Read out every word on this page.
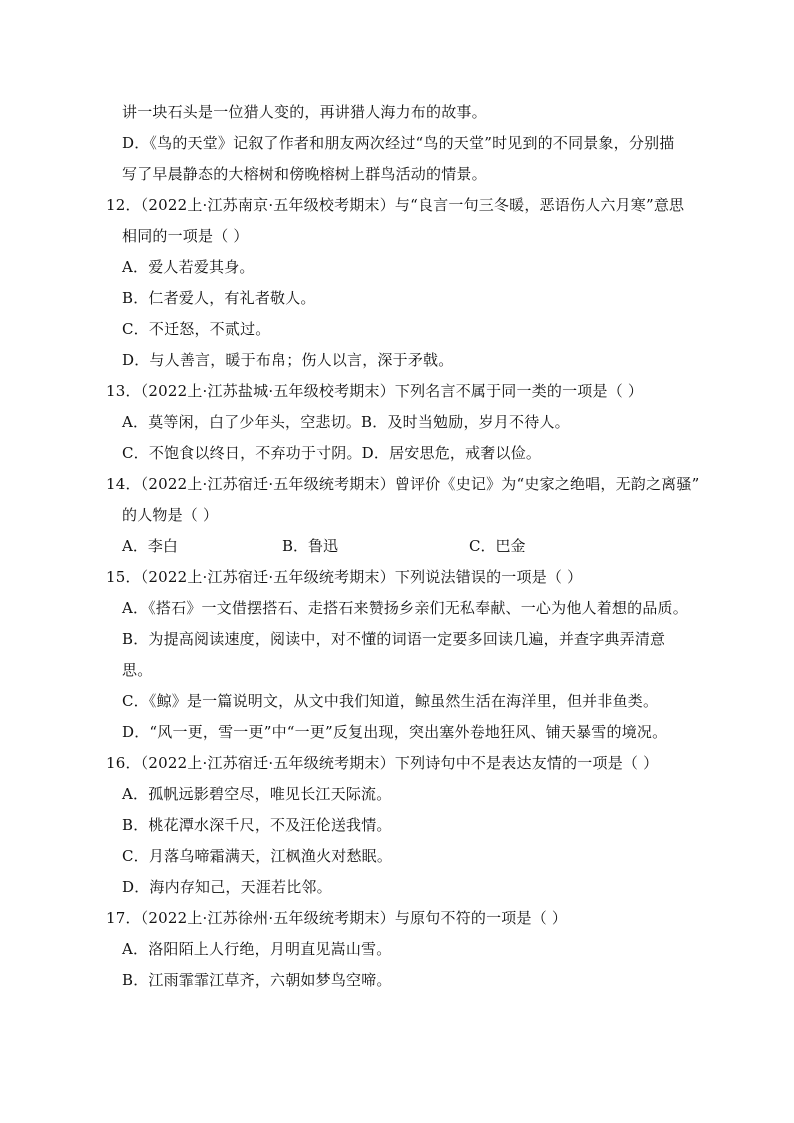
讲一块石头是一位猎人变的，再讲猎人海力布的故事。
D．《鸟的天堂》记叙了作者和朋友两次经过“鸟的天堂”时见到的不同景象，分别描
写了早晨静态的大榕树和傍晚榕树上群鸟活动的情景。
12．（2022上·江苏南京·五年级校考期末）与“良言一句三冬暖，恶语伤人六月寒”意思
相同的一项是（ ）
A．爱人若爱其身。
B．仁者爱人，有礼者敬人。
C．不迁怒，不贰过。
D．与人善言，暖于布帛；伤人以言，深于矛戟。
13．（2022上·江苏盐城·五年级校考期末）下列名言不属于同一类的一项是（ ）
A．莫等闲，白了少年头，空悲切。B．及时当勉励，岁月不待人。
C．不饱食以终日，不弃功于寸阴。D．居安思危，戒奢以俭。
14．（2022上·江苏宿迁·五年级统考期末）曾评价《史记》为“史家之绝唱，无韵之离骚”
的人物是（ ）
A．李白	B．鲁迅	C．巴金
15．（2022上·江苏宿迁·五年级统考期末）下列说法错误的一项是（ ）
A．《搭石》一文借摆搭石、走搭石来赞扬乡亲们无私奉献、一心为他人着想的品质。
B．为提高阅读速度，阅读中，对不懂的词语一定要多回读几遍，并查字典弄清意
思。
C．《鲸》是一篇说明文，从文中我们知道，鲸虽然生活在海洋里，但并非鱼类。
D．“风一更，雪一更”中“一更”反复出现，突出塞外卷地狂风、铺天暴雪的境况。
16．（2022上·江苏宿迁·五年级统考期末）下列诗句中不是表达友情的一项是（ ）
A．孤帆远影碧空尽，唯见长江天际流。
B．桃花潭水深千尺，不及汪伦送我情。
C．月落乌啼霜满天，江枫渔火对愁眠。
D．海内存知己，天涯若比邻。
17．（2022上·江苏徐州·五年级统考期末）与原句不符的一项是（ ）
A．洛阳陌上人行绝，月明直见嵩山雪。
B．江雨霏霏江草齐，六朝如梦鸟空啼。
